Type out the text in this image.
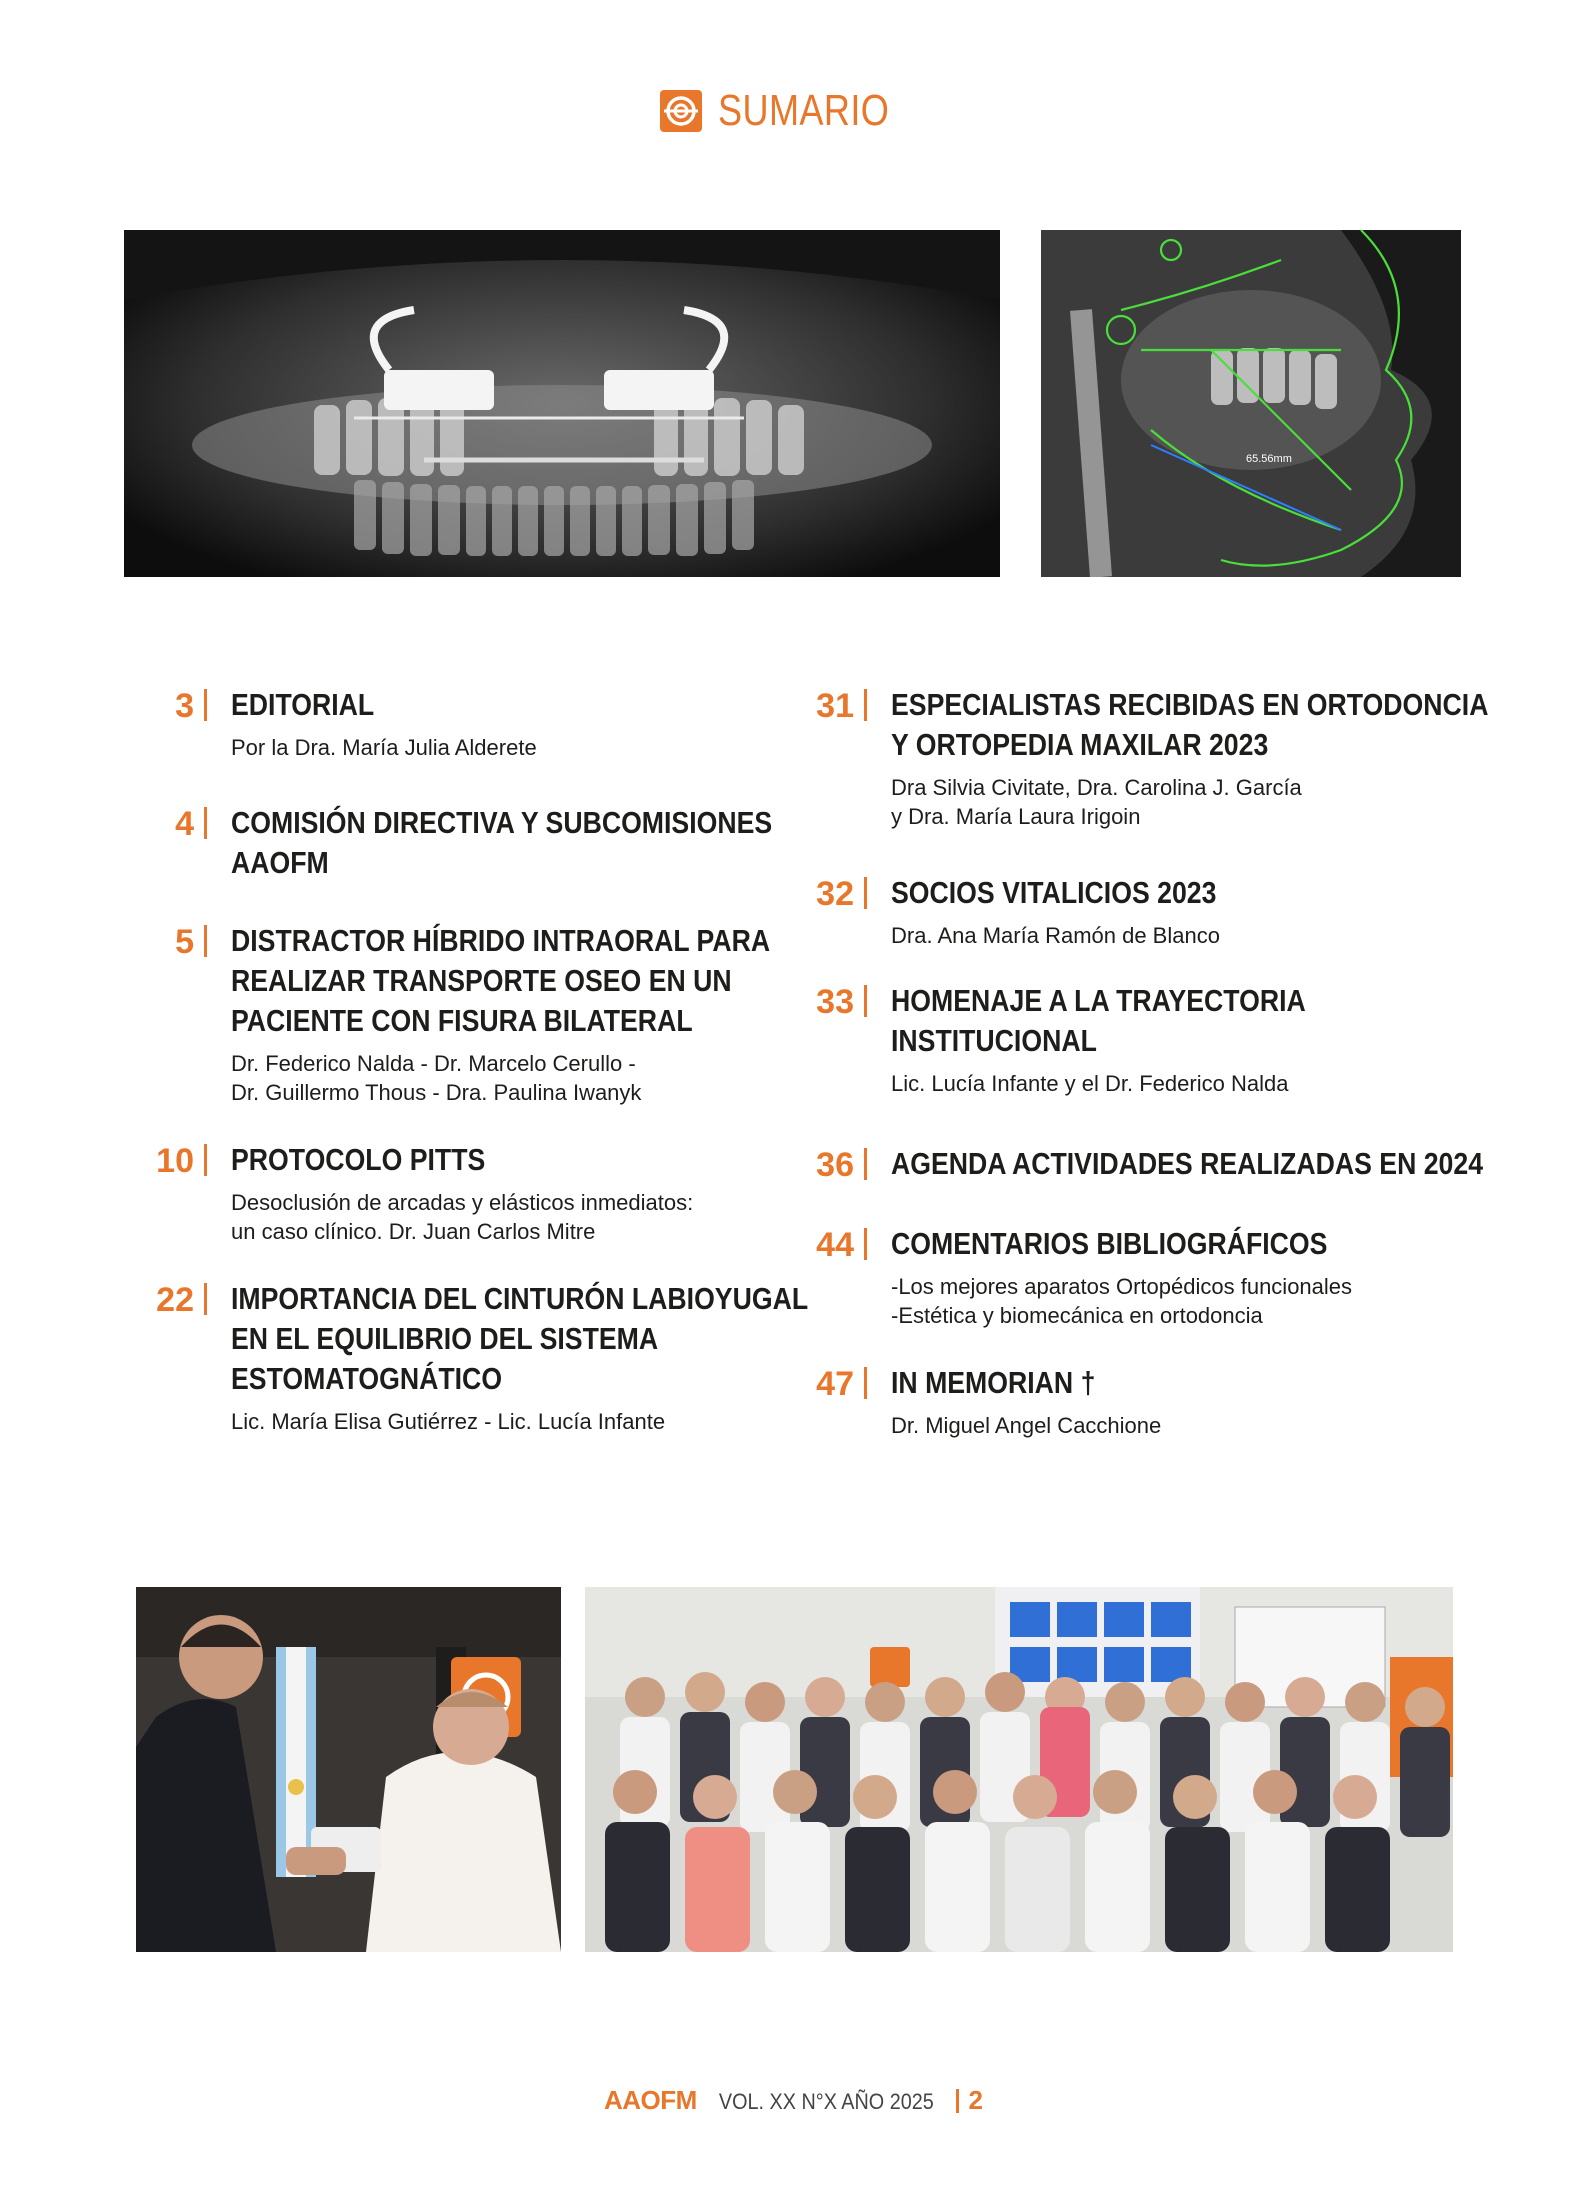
SUMARIO
65.56mm
3 EDITORIAL
Por la Dra. María Julia Alderete
4 COMISIÓN DIRECTIVA Y SUBCOMISIONES
AAOFM
5 DISTRACTOR HÍBRIDO INTRAORAL PARA
REALIZAR TRANSPORTE OSEO EN UN
PACIENTE CON FISURA BILATERAL
Dr. Federico Nalda - Dr. Marcelo Cerullo -
Dr. Guillermo Thous - Dra. Paulina Iwanyk
10 PROTOCOLO PITTS
Desoclusión de arcadas y elásticos inmediatos:
un caso clínico. Dr. Juan Carlos Mitre
22 IMPORTANCIA DEL CINTURÓN LABIOYUGAL
EN EL EQUILIBRIO DEL SISTEMA
ESTOMATOGNÁTICO
Lic. María Elisa Gutiérrez - Lic. Lucía Infante
31 ESPECIALISTAS RECIBIDAS EN ORTODONCIA
Y ORTOPEDIA MAXILAR 2023
Dra Silvia Civitate, Dra. Carolina J. García
y Dra. María Laura Irigoin
32 SOCIOS VITALICIOS 2023
Dra. Ana María Ramón de Blanco
33 HOMENAJE A LA TRAYECTORIA
INSTITUCIONAL
Lic. Lucía Infante y el Dr. Federico Nalda
36 AGENDA ACTIVIDADES REALIZADAS EN 2024
44 COMENTARIOS BIBLIOGRÁFICOS
-Los mejores aparatos Ortopédicos funcionales
-Estética y biomecánica en ortodoncia
47 IN MEMORIAN †
Dr. Miguel Angel Cacchione
AAOFM VOL. XX N°X AÑO 2025 2
